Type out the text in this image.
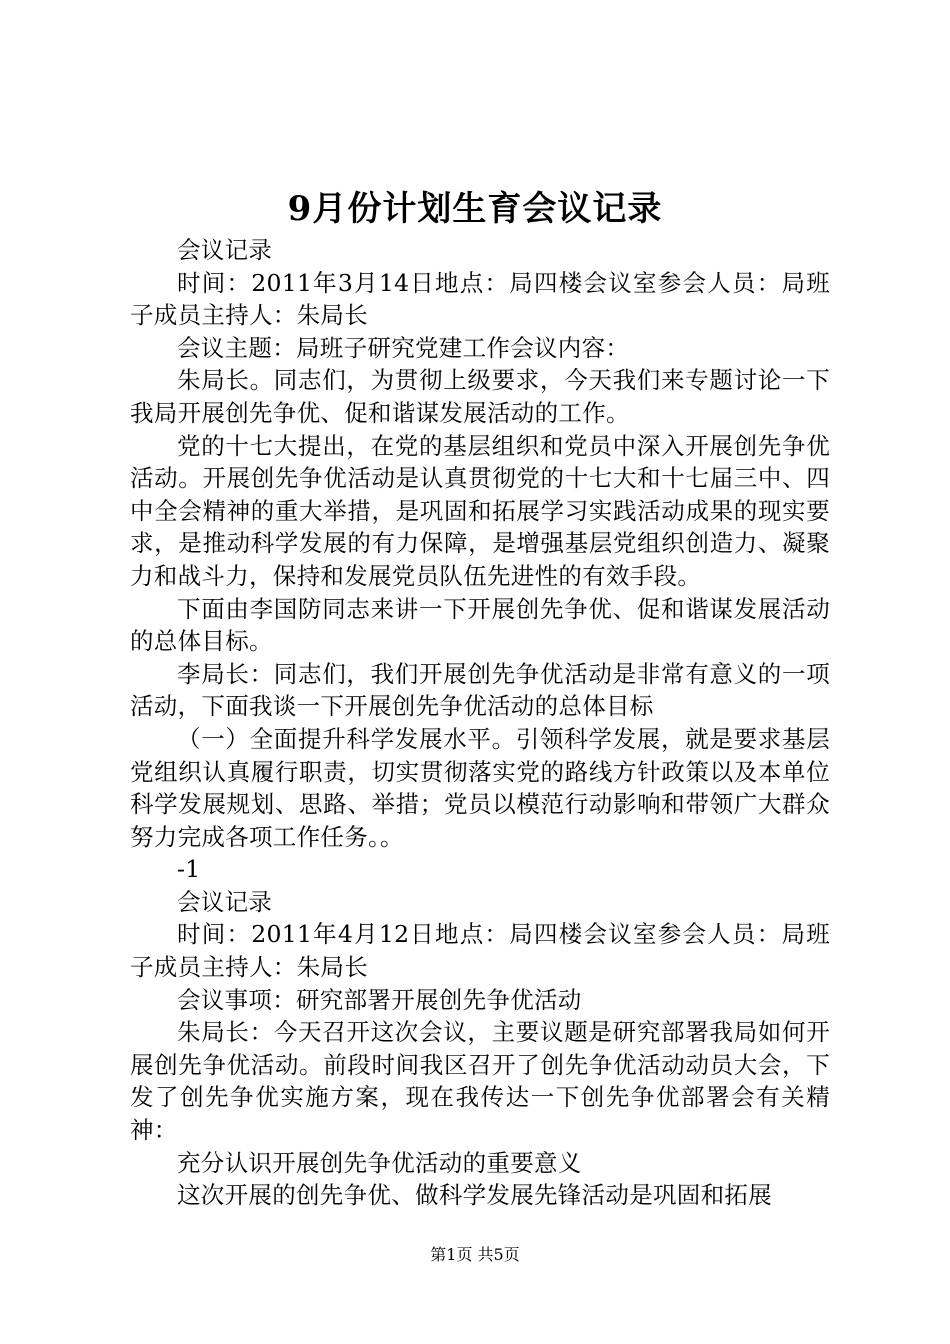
9月份计划生育会议记录

会议记录

时间：2011年3月14日地点：局四楼会议室参会人员：局班子成员主持人：朱局长

会议主题：局班子研究党建工作会议内容：

朱局长。同志们，为贯彻上级要求，今天我们来专题讨论一下我局开展创先争优、促和谐谋发展活动的工作。

党的十七大提出，在党的基层组织和党员中深入开展创先争优活动。开展创先争优活动是认真贯彻党的十七大和十七届三中、四中全会精神的重大举措，是巩固和拓展学习实践活动成果的现实要求，是推动科学发展的有力保障，是增强基层党组织创造力、凝聚力和战斗力，保持和发展党员队伍先进性的有效手段。

下面由李国防同志来讲一下开展创先争优、促和谐谋发展活动的总体目标。

李局长：同志们，我们开展创先争优活动是非常有意义的一项活动，下面我谈一下开展创先争优活动的总体目标

（一）全面提升科学发展水平。引领科学发展，就是要求基层党组织认真履行职责，切实贯彻落实党的路线方针政策以及本单位科学发展规划、思路、举措；党员以模范行动影响和带领广大群众努力完成各项工作任务。。

-1

会议记录

时间：2011年4月12日地点：局四楼会议室参会人员：局班子成员主持人：朱局长

会议事项：研究部署开展创先争优活动

朱局长：今天召开这次会议，主要议题是研究部署我局如何开展创先争优活动。前段时间我区召开了创先争优活动动员大会，下发了创先争优实施方案，现在我传达一下创先争优部署会有关精神：

充分认识开展创先争优活动的重要意义

这次开展的创先争优、做科学发展先锋活动是巩固和拓展

第1页 共5页
